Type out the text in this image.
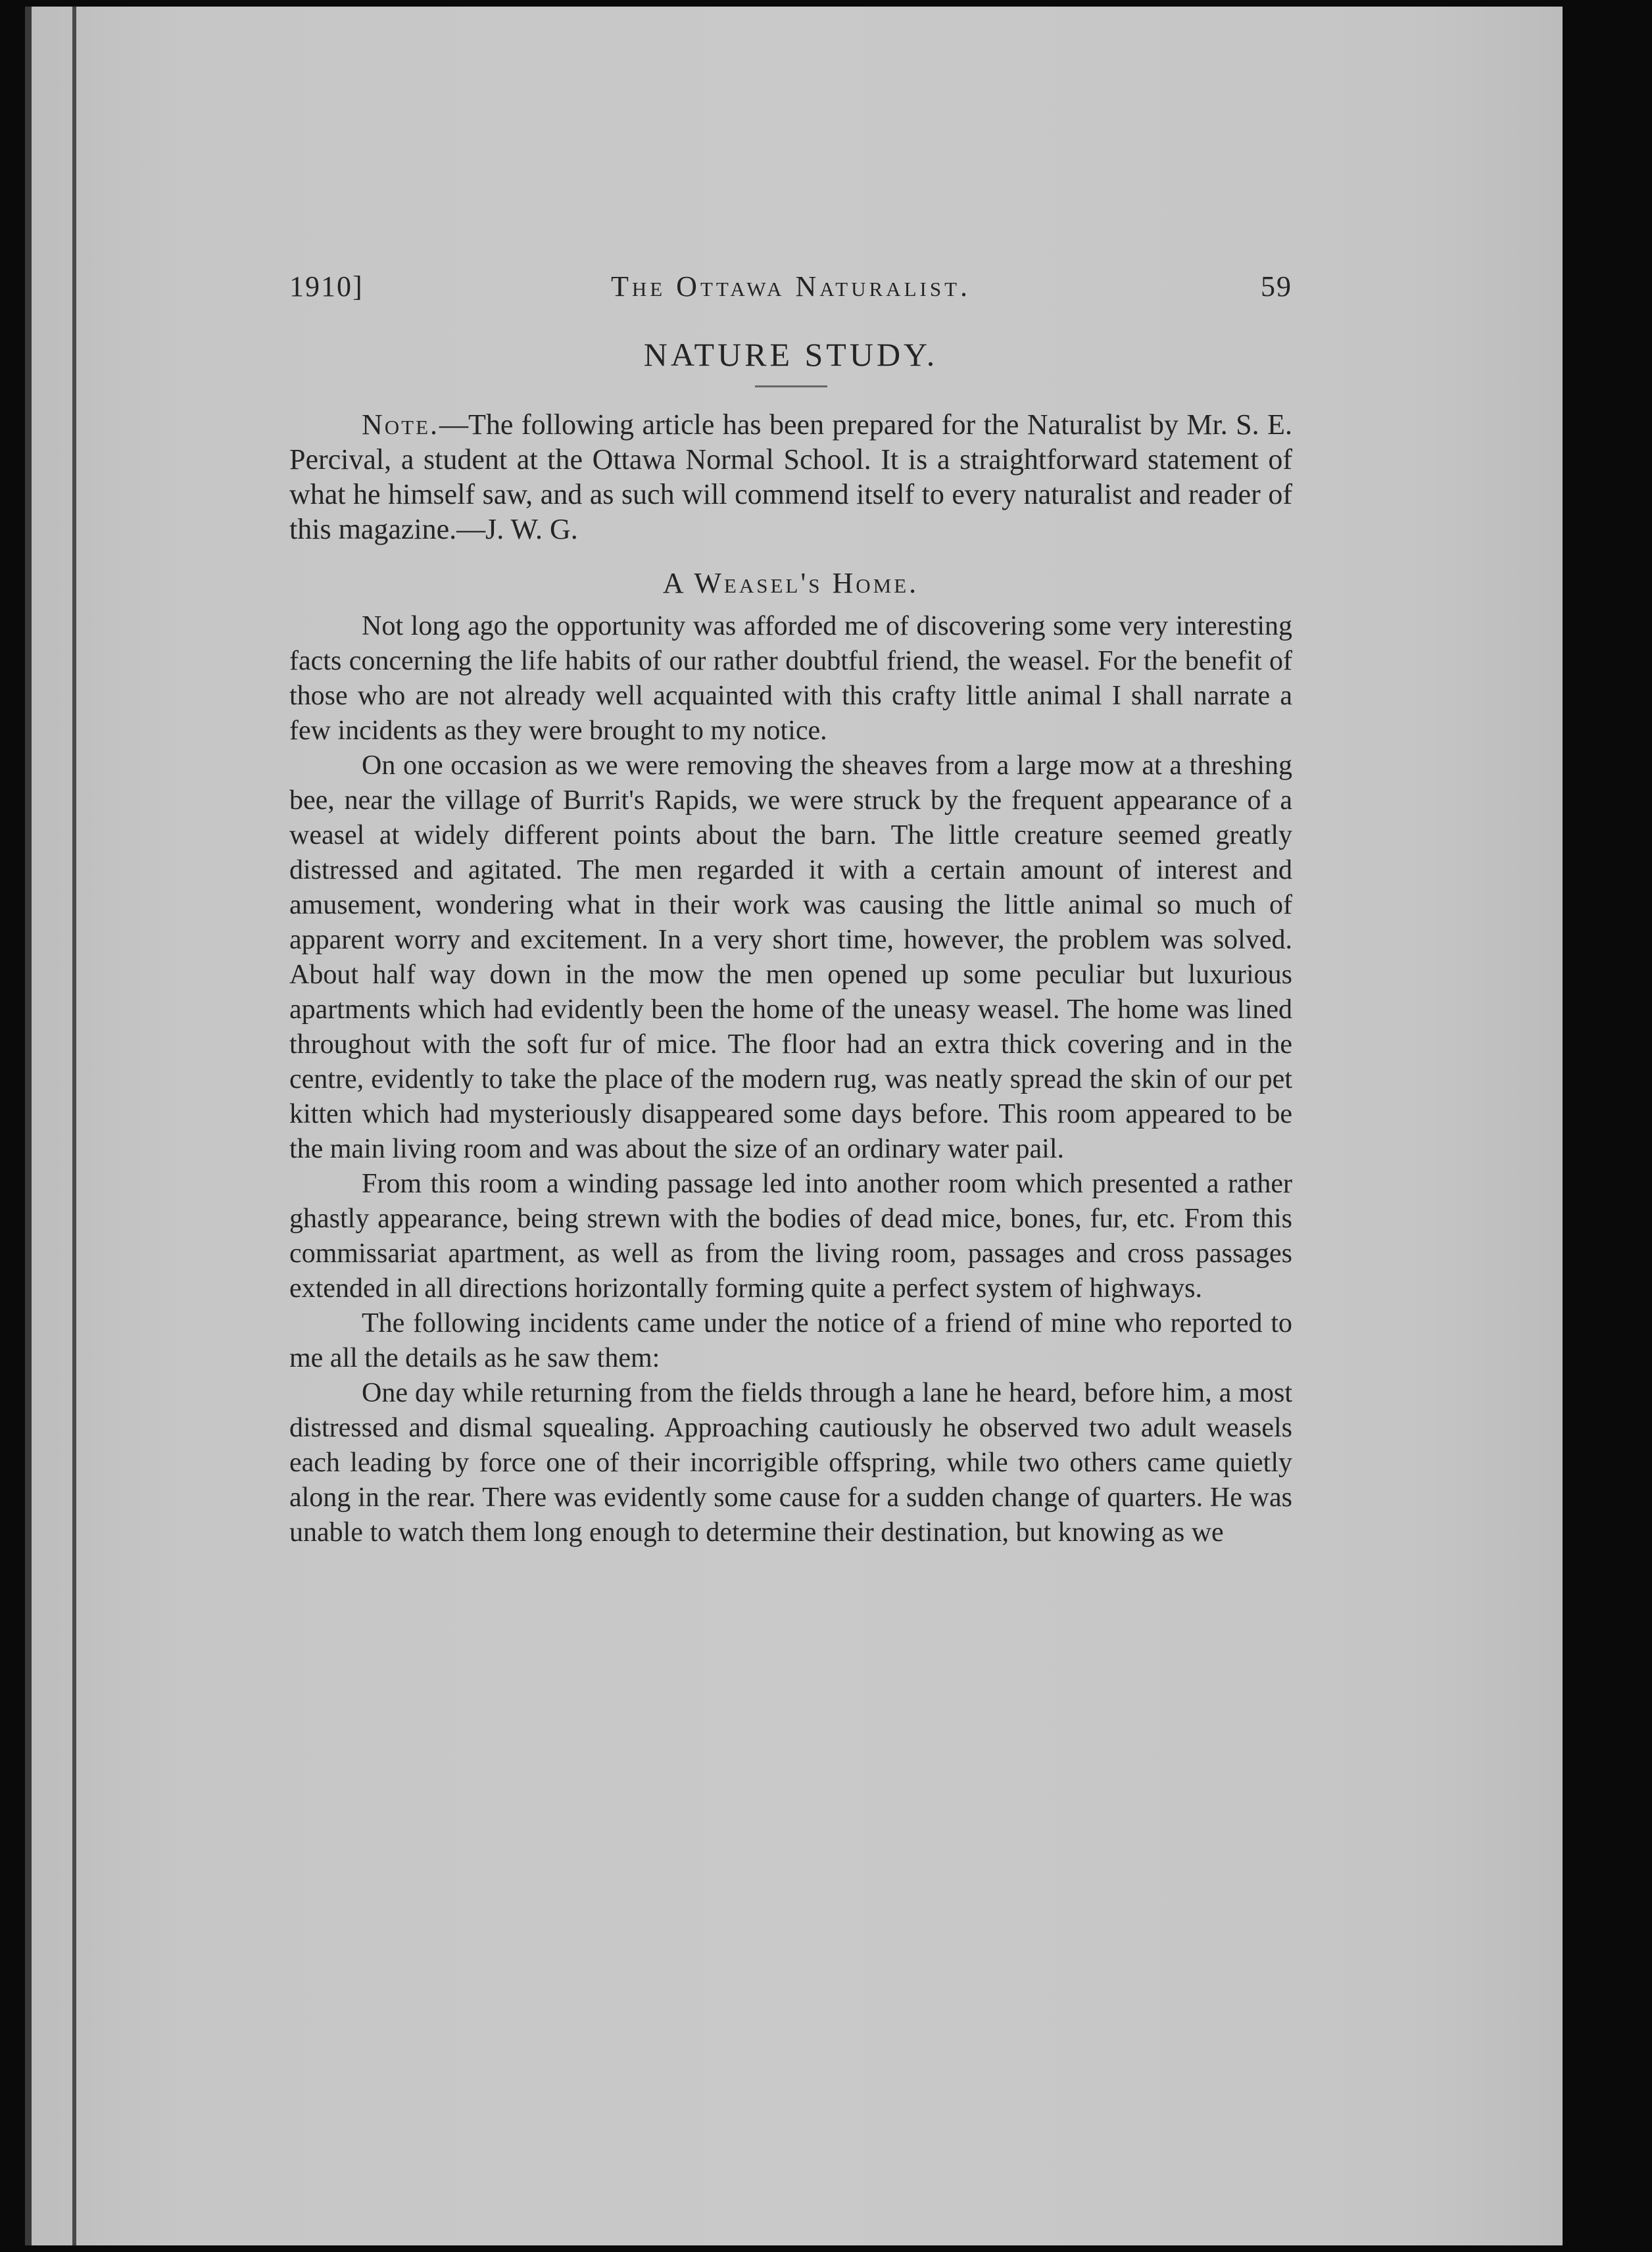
1910]	The Ottawa Naturalist.	59
NATURE STUDY.

Note.—The following article has been prepared for the Naturalist by Mr. S. E. Percival, a student at the Ottawa Normal School. It is a straightforward statement of what he himself saw, and as such will commend itself to every naturalist and reader of this magazine.—J. W. G.

A Weasel's Home.

Not long ago the opportunity was afforded me of discovering some very interesting facts concerning the life habits of our rather doubtful friend, the weasel. For the benefit of those who are not already well acquainted with this crafty little animal I shall narrate a few incidents as they were brought to my notice.

On one occasion as we were removing the sheaves from a large mow at a threshing bee, near the village of Burrit's Rapids, we were struck by the frequent appearance of a weasel at widely different points about the barn. The little creature seemed greatly distressed and agitated. The men regarded it with a certain amount of interest and amusement, wondering what in their work was causing the little animal so much of apparent worry and excitement. In a very short time, however, the problem was solved. About half way down in the mow the men opened up some peculiar but luxurious apartments which had evidently been the home of the uneasy weasel. The home was lined throughout with the soft fur of mice. The floor had an extra thick covering and in the centre, evidently to take the place of the modern rug, was neatly spread the skin of our pet kitten which had mysteriously disappeared some days before. This room appeared to be the main living room and was about the size of an ordinary water pail.

From this room a winding passage led into another room which presented a rather ghastly appearance, being strewn with the bodies of dead mice, bones, fur, etc. From this commissariat apartment, as well as from the living room, passages and cross passages extended in all directions horizontally forming quite a perfect system of highways.

The following incidents came under the notice of a friend of mine who reported to me all the details as he saw them:

One day while returning from the fields through a lane he heard, before him, a most distressed and dismal squealing. Approaching cautiously he observed two adult weasels each leading by force one of their incorrigible offspring, while two others came quietly along in the rear. There was evidently some cause for a sudden change of quarters. He was unable to watch them long enough to determine their destination, but knowing as we
